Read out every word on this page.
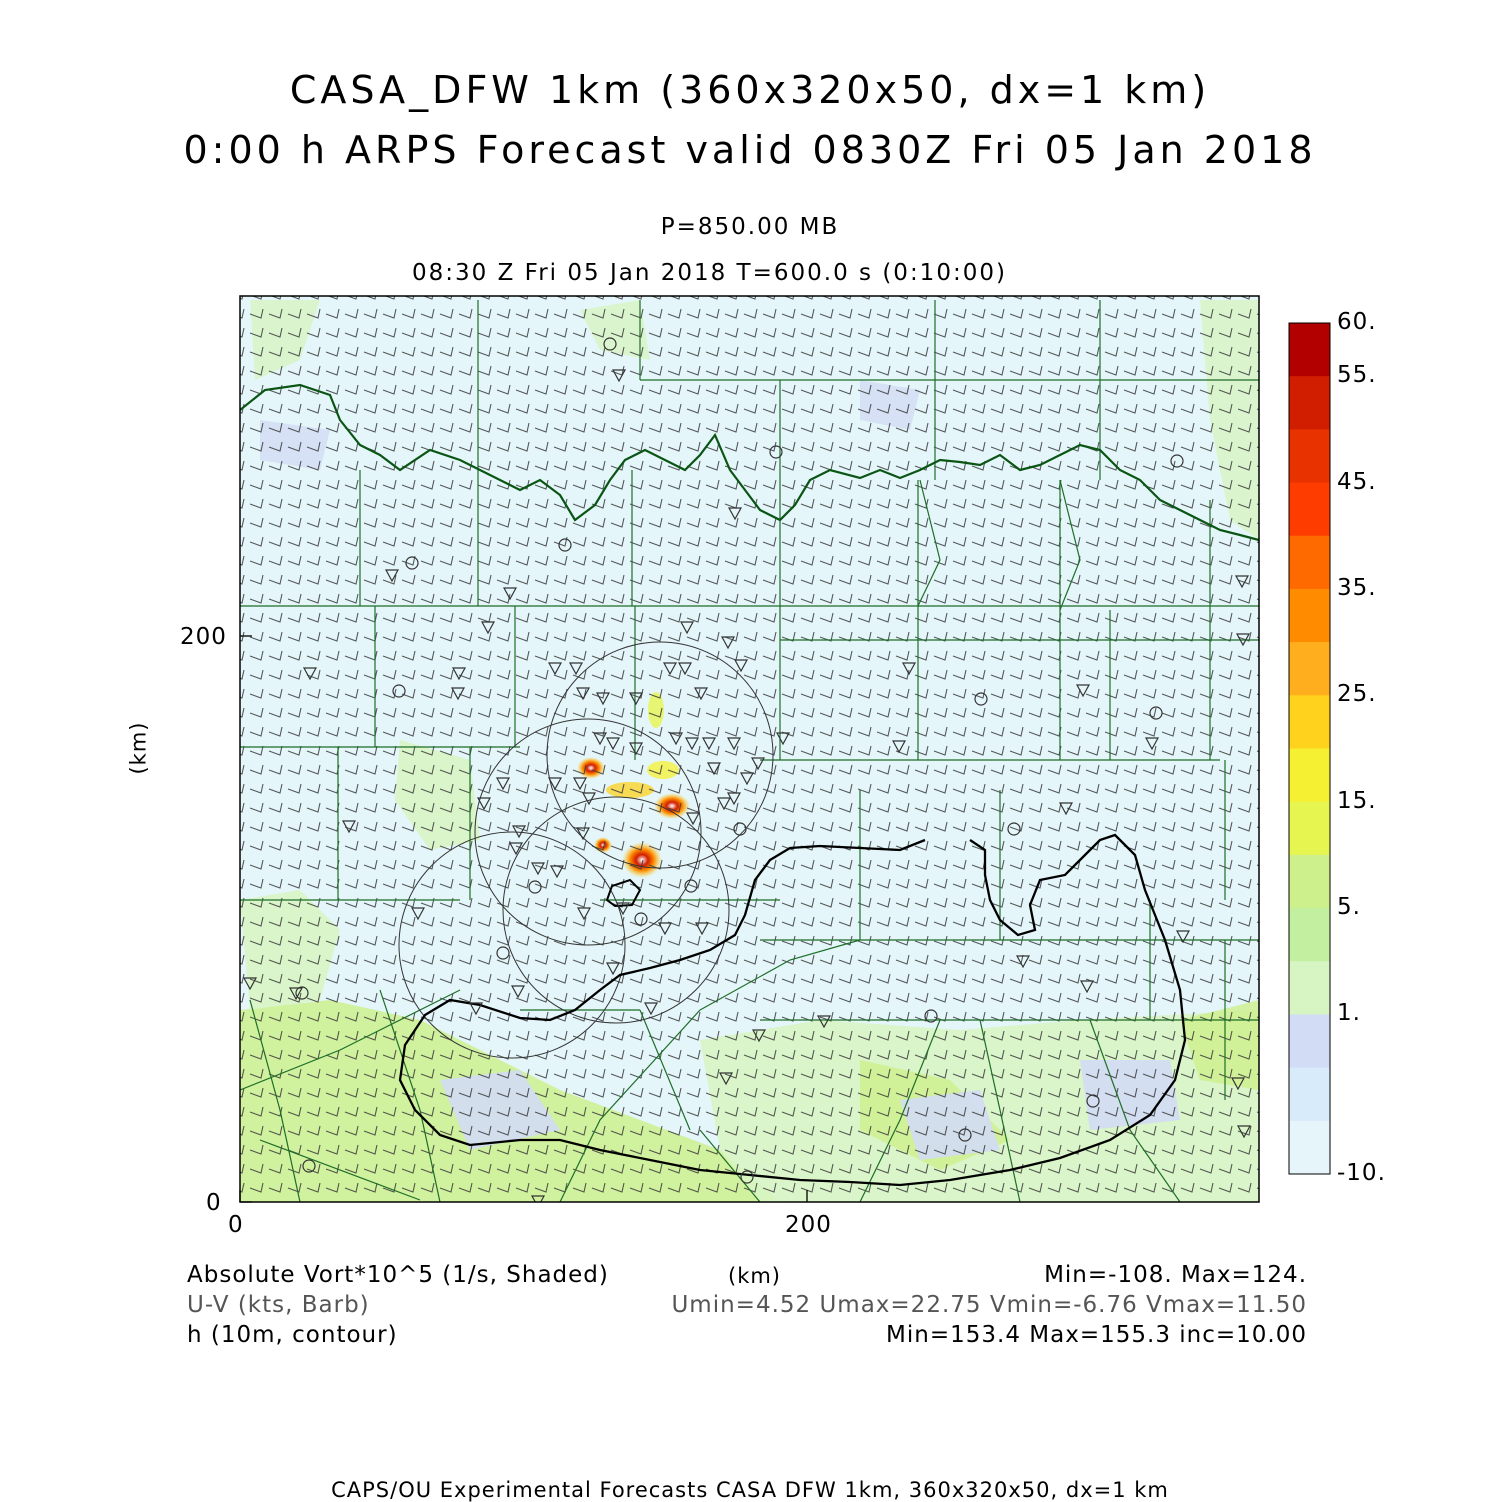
CASA_DFW 1km (360x320x50, dx=1 km)
0:00 h ARPS Forecast valid 0830Z Fri 05 Jan 2018
P=850.00 MB
08:30 Z Fri 05 Jan 2018 T=600.0 s (0:10:00)
0	200
0
200
(km)
(km)
60.
55.
45.
35.
25.
15.
5.
1.
-10.
Absolute Vort*10^5 (1/s, Shaded)
U-V (kts, Barb)
h (10m, contour)
Min=-108. Max=124.
Umin=4.52 Umax=22.75 Vmin=-6.76 Vmax=11.50
Min=153.4 Max=155.3 inc=10.00
CAPS/OU Experimental Forecasts CASA DFW 1km, 360x320x50, dx=1 km
